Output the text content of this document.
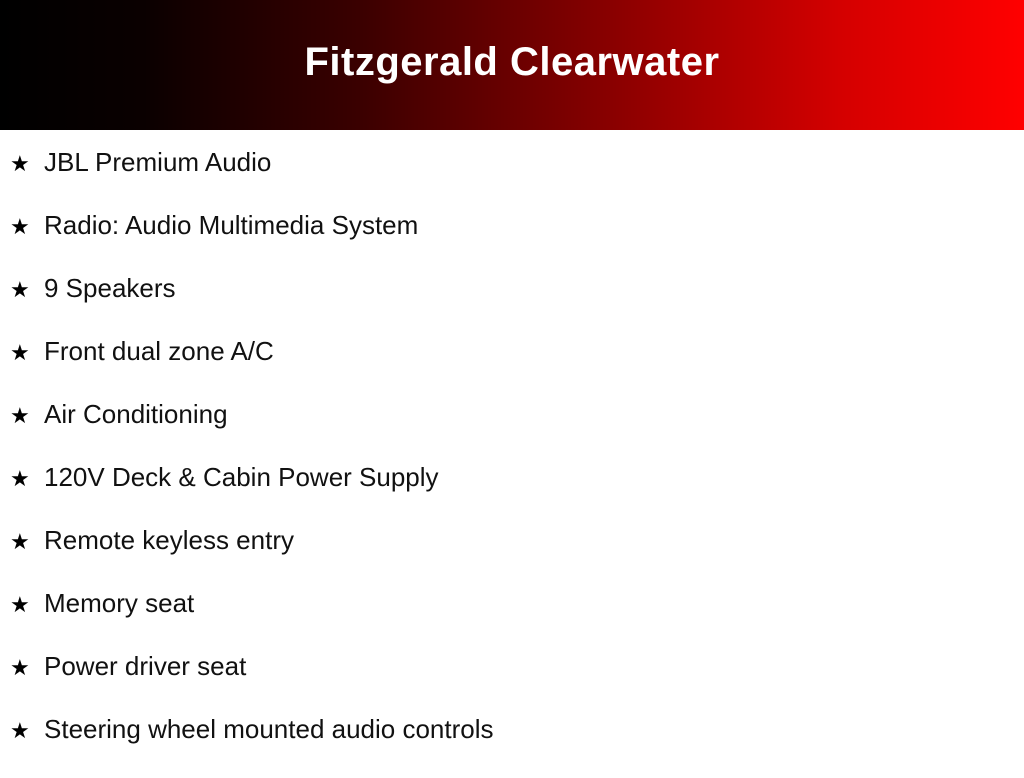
Fitzgerald Clearwater
★ JBL Premium Audio
★ Radio: Audio Multimedia System
★ 9 Speakers
★ Front dual zone A/C
★ Air Conditioning
★ 120V Deck & Cabin Power Supply
★ Remote keyless entry
★ Memory seat
★ Power driver seat
★ Steering wheel mounted audio controls
